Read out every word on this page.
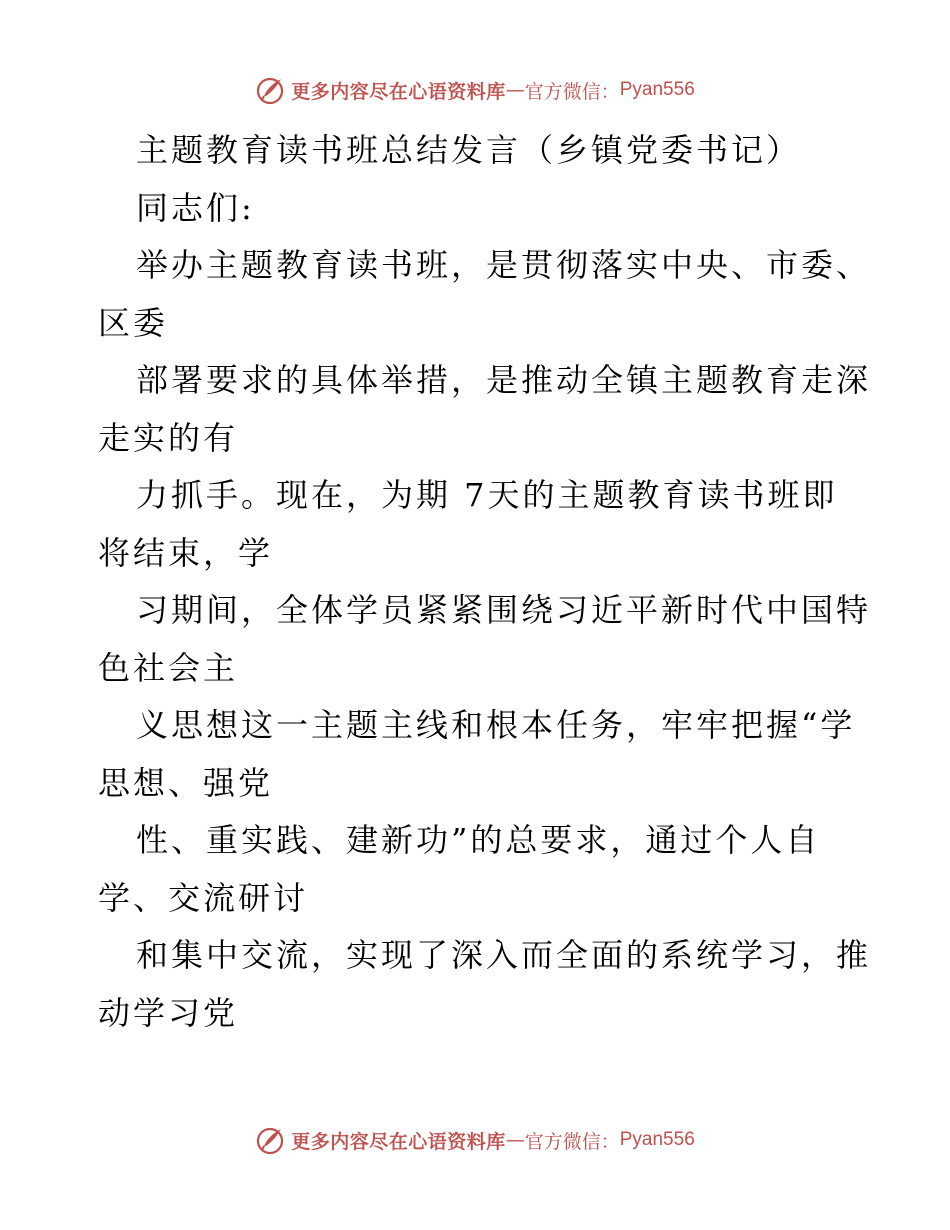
更多内容尽在心语资料库 — 官方微信： Pyan556
主题教育读书班总结发言（乡镇党委书记）
同志们:
举办主题教育读书班，是贯彻落实中央、市委、
区委
部署要求的具体举措，是推动全镇主题教育走深
走实的有
力抓手。现在，为期 7天的主题教育读书班即
将结束，学
习期间，全体学员紧紧围绕习近平新时代中国特
色社会主
义思想这一主题主线和根本任务，牢牢把握“学
思想、强党
性、重实践、建新功”的总要求，通过个人自
学、交流研讨
和集中交流，实现了深入而全面的系统学习，推
动学习党
更多内容尽在心语资料库 — 官方微信： Pyan556
